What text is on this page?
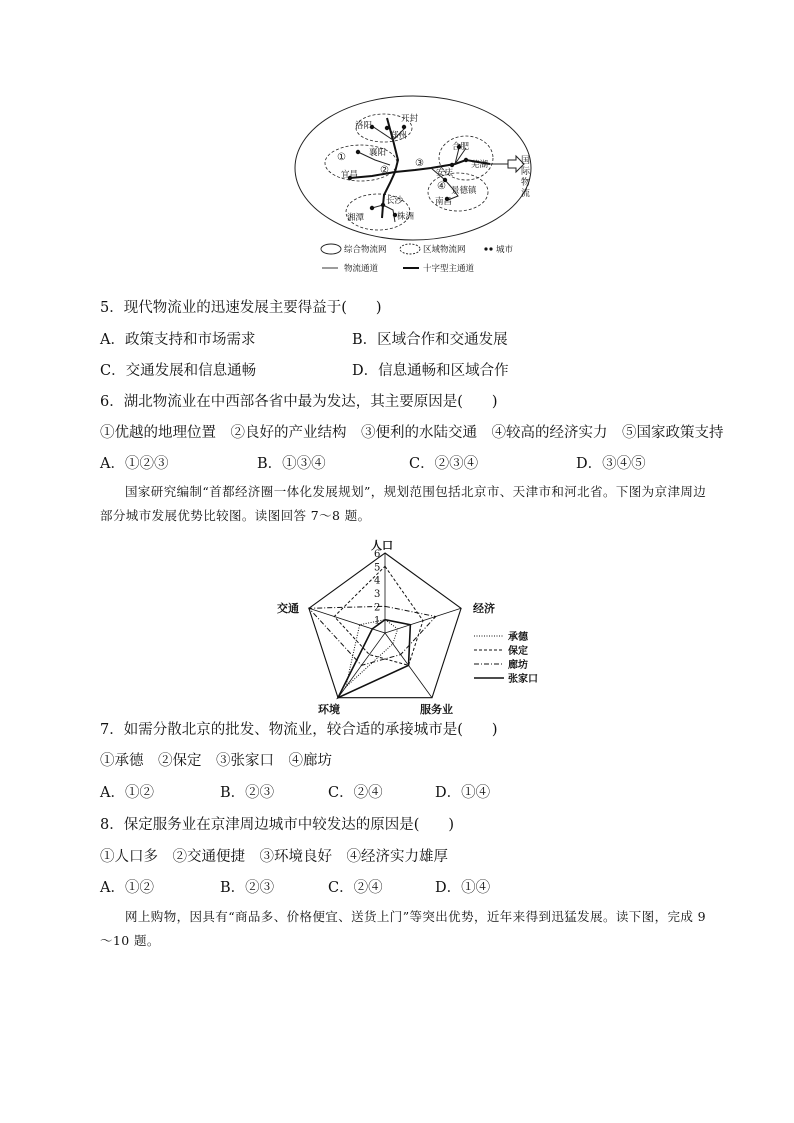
洛阳
开封
郑州
襄阳
宜昌
合肥
芜湖
安庆
景德镇
南昌
长沙
湘潭	株洲
①
②
③
④
国
际
物
流
综合物流网	区域物流网	城市
物流通道	十字型主通道
5．现代物流业的迅速发展主要得益于(　　)
A．政策支持和市场需求	B．区域合作和交通发展
C．交通发展和信息通畅	D．信息通畅和区域合作
6．湖北物流业在中西部各省中最为发达，其主要原因是(　　)
①优越的地理位置　②良好的产业结构　③便利的水陆交通　④较高的经济实力　⑤国家政策支持
A．①②③	B．①③④	C．②③④	D．③④⑤
国家研究编制“首都经济圈一体化发展规划”，规划范围包括北京市、天津市和河北省。下图为京津周边部分城市发展优势比较图。读图回答 7～8 题。
人口
经济
服务业
环境
交通
1
2
3
4
5
6
承德
保定
廊坊
张家口
7．如需分散北京的批发、物流业，较合适的承接城市是(　　)
①承德　②保定　③张家口　④廊坊
A．①②	B．②③	C．②④	D．①④
8．保定服务业在京津周边城市中较发达的原因是(　　)
①人口多　②交通便捷　③环境良好　④经济实力雄厚
A．①②	B．②③	C．②④	D．①④
网上购物，因具有“商品多、价格便宜、送货上门”等突出优势，近年来得到迅猛发展。读下图，完成 9～10 题。
